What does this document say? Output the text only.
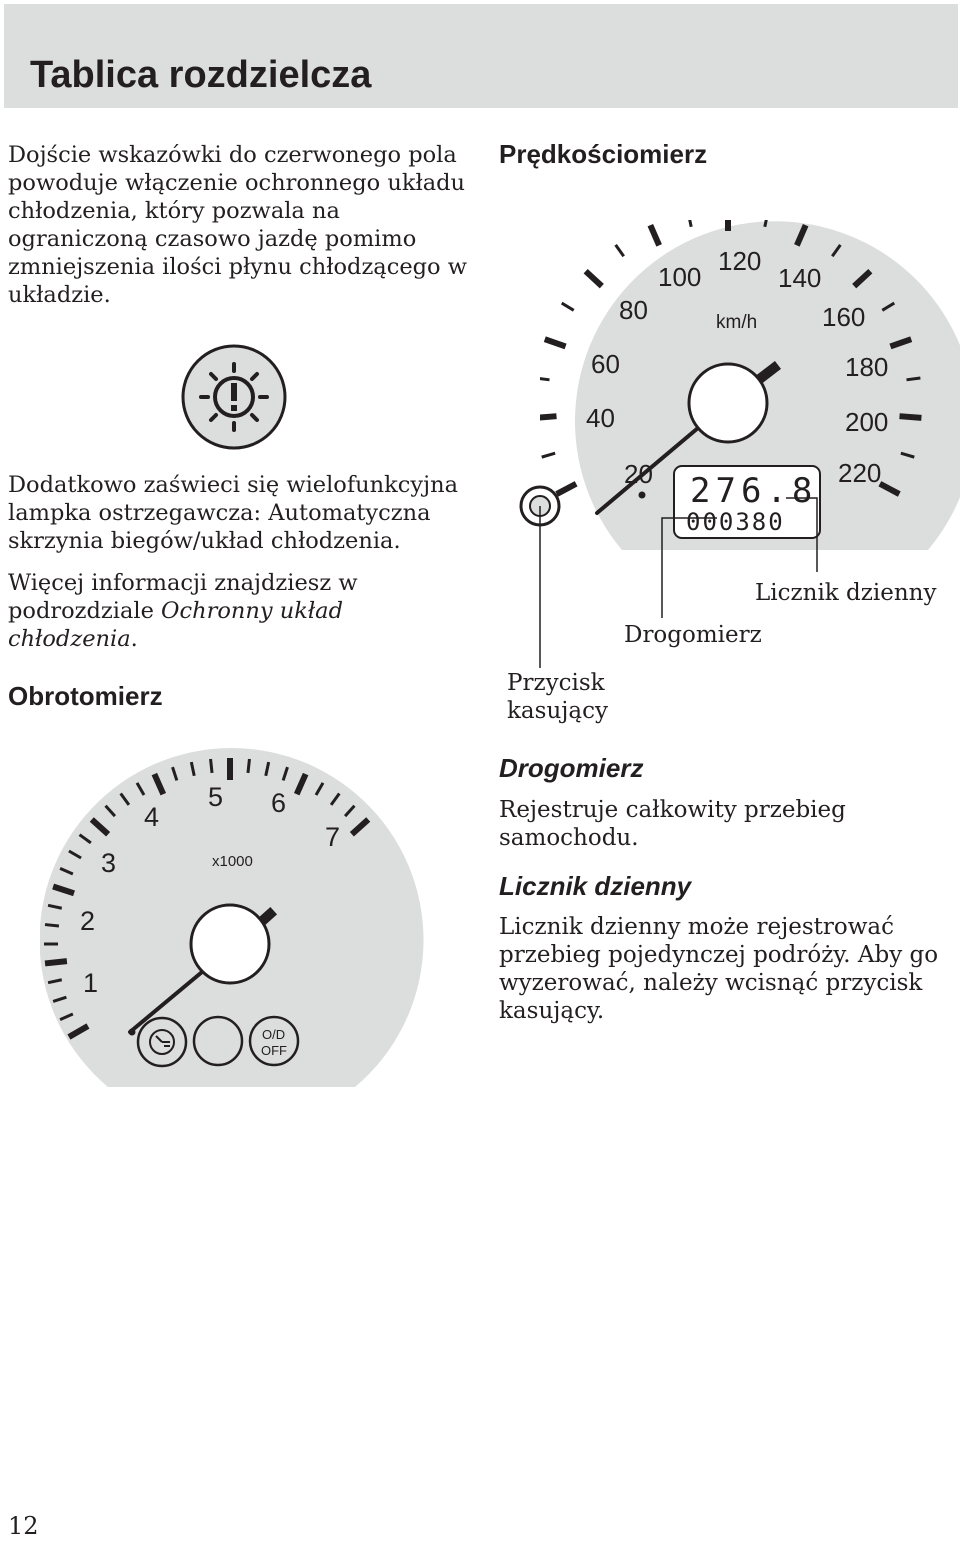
Tablica rozdzielcza

Dojście wskazówki do czerwonego pola
powoduje włączenie ochronnego układu
chłodzenia, który pozwala na
ograniczoną czasowo jazdę pomimo
zmniejszenia ilości płynu chłodzącego w
układzie.

Dodatkowo zaświeci się wielofunkcyjna
lampka ostrzegawcza: Automatyczna
skrzynia biegów/układ chłodzenia.

Więcej informacji znajdziesz w
podrozdziale Ochronny układ
chłodzenia.

Obrotomierz
Prędkościomierz
20
40
60
80
100
120
140
160
180
200
220
km/h
276.8
000380

Licznik dzienny

Drogomierz

Przycisk
kasujący

Drogomierz

Rejestruje całkowity przebieg
samochodu.

Licznik dzienny

Licznik dzienny może rejestrować
przebieg pojedynczej podróży. Aby go
wyzerować, należy wcisnąć przycisk
kasujący.

1
2
3
4
5 6
7
x1000
O/D
OFF
12
